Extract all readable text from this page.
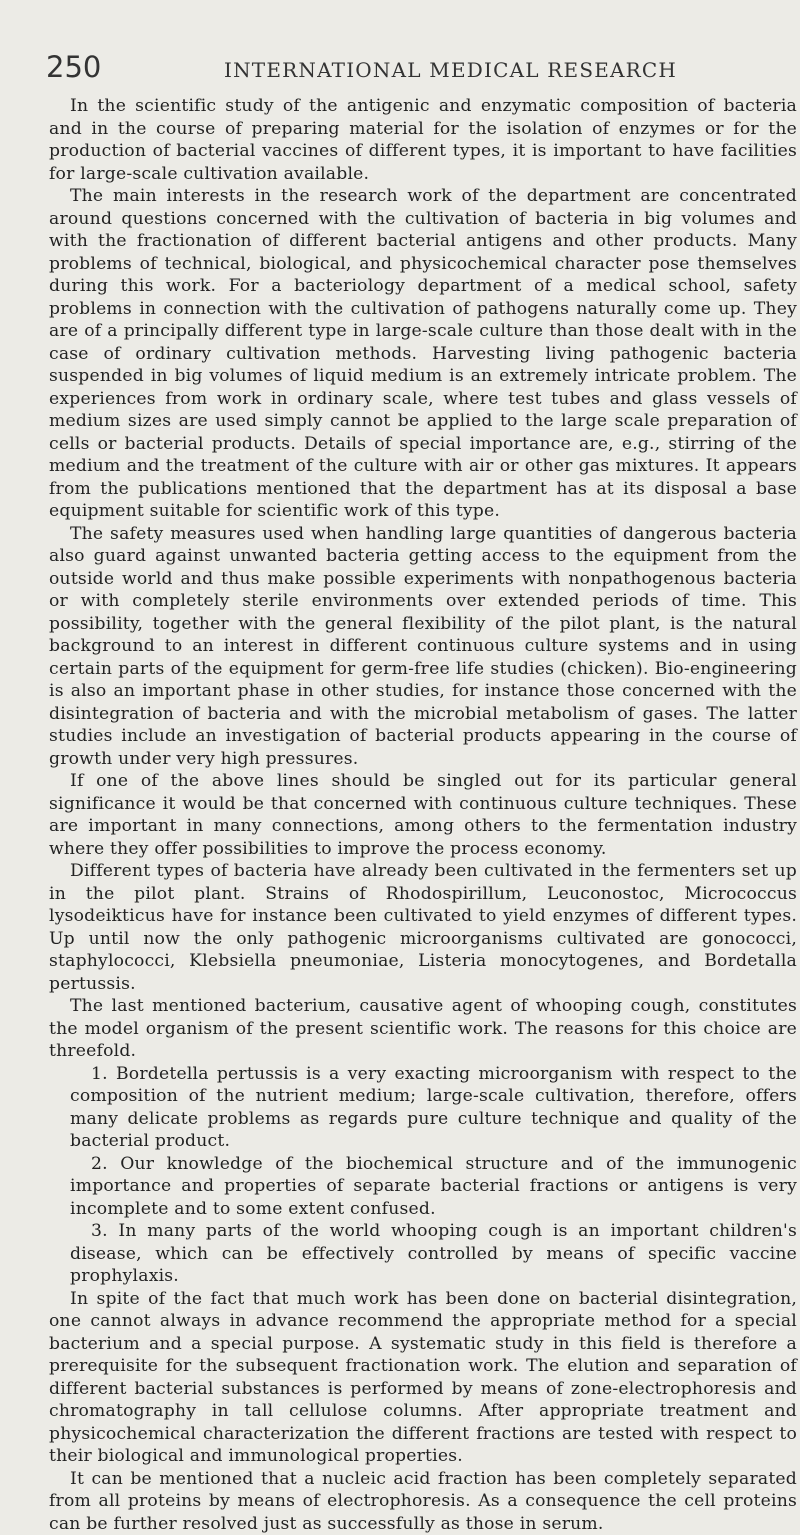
250	INTERNATIONAL MEDICAL RESEARCH

In the scientific study of the antigenic and enzymatic composition of bacteria and in the course of preparing material for the isolation of enzymes or for the production of bacterial vaccines of different types, it is important to have facilities for large-scale cultivation available.

The main interests in the research work of the department are concentrated around questions concerned with the cultivation of bacteria in big volumes and with the fractionation of different bacterial antigens and other products. Many problems of technical, biological, and physicochemical character pose themselves during this work. For a bacteriology department of a medical school, safety problems in connection with the cultivation of pathogens naturally come up. They are of a principally different type in large-scale culture than those dealt with in the case of ordinary cultivation methods. Harvesting living pathogenic bacteria suspended in big volumes of liquid medium is an extremely intricate problem. The experiences from work in ordinary scale, where test tubes and glass vessels of medium sizes are used simply cannot be applied to the large scale preparation of cells or bacterial products. Details of special importance are, e.g., stirring of the medium and the treatment of the culture with air or other gas mixtures. It appears from the publications mentioned that the department has at its disposal a base equipment suitable for scientific work of this type.

The safety measures used when handling large quantities of dangerous bacteria also guard against unwanted bacteria getting access to the equipment from the outside world and thus make possible experiments with nonpathogenous bacteria or with completely sterile environments over extended periods of time. This possibility, together with the general flexibility of the pilot plant, is the natural background to an interest in different continuous culture systems and in using certain parts of the equipment for germ-free life studies (chicken). Bio-engineering is also an important phase in other studies, for instance those concerned with the disintegration of bacteria and with the microbial metabolism of gases. The latter studies include an investigation of bacterial products appearing in the course of growth under very high pressures.

If one of the above lines should be singled out for its particular general significance it would be that concerned with continuous culture techniques. These are important in many connections, among others to the fermentation industry where they offer possibilities to improve the process economy.

Different types of bacteria have already been cultivated in the fermenters set up in the pilot plant. Strains of Rhodospirillum, Leuconostoc, Micrococcus lysodeikticus have for instance been cultivated to yield enzymes of different types. Up until now the only pathogenic microorganisms cultivated are gonococci, staphylococci, Klebsiella pneumoniae, Listeria monocytogenes, and Bordetalla pertussis.

The last mentioned bacterium, causative agent of whooping cough, constitutes the model organism of the present scientific work. The reasons for this choice are threefold.

1. Bordetella pertussis is a very exacting microorganism with respect to the composition of the nutrient medium; large-scale cultivation, therefore, offers many delicate problems as regards pure culture technique and quality of the bacterial product.

2. Our knowledge of the biochemical structure and of the immunogenic importance and properties of separate bacterial fractions or antigens is very incomplete and to some extent confused.

3. In many parts of the world whooping cough is an important children's disease, which can be effectively controlled by means of specific vaccine prophylaxis.

In spite of the fact that much work has been done on bacterial disintegration, one cannot always in advance recommend the appropriate method for a special bacterium and a special purpose. A systematic study in this field is therefore a prerequisite for the subsequent fractionation work. The elution and separation of different bacterial substances is performed by means of zone-electrophoresis and chromatography in tall cellulose columns. After appropriate treatment and physicochemical characterization the different fractions are tested with respect to their biological and immunological properties.

It can be mentioned that a nucleic acid fraction has been completely separated from all proteins by means of electrophoresis. As a consequence the cell proteins can be further resolved just as successfully as those in serum.
